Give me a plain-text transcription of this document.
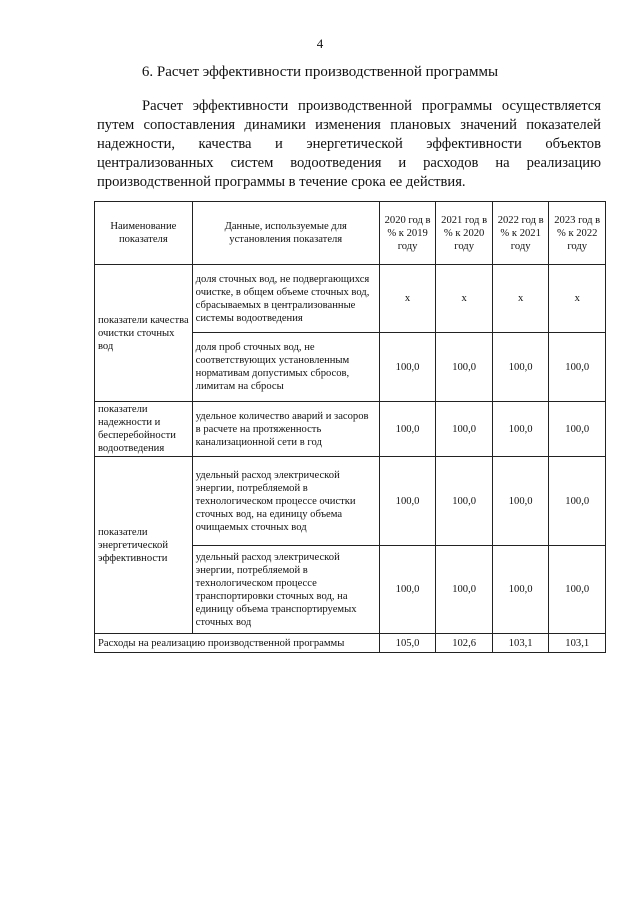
4
6. Расчет эффективности производственной программы

Расчет эффективности производственной программы осуществляется
путем сопоставления динамики изменения плановых значений показателей
надежности,      качества      и      энергетической      эффективности      объектов
централизованных систем водоотведения и расходов на реализацию
производственной программы в течение срока ее действия.

Наименование показателя	Данные, используемые для установления показателя	2020 год в % к 2019 году	2021 год в % к 2020 году	2022 год в % к 2021 году	2023 год в % к 2022 году
показатели качества очистки сточных вод	доля сточных вод, не подвергающихся очистке, в общем объеме сточных вод, сбрасываемых в централизованные системы водоотведения	x	x	x	x
	доля проб сточных вод, не соответствующих установленным нормативам допустимых сбросов, лимитам на сбросы	100,0	100,0	100,0	100,0
показатели надежности и бесперебойности водоотведения	удельное количество аварий и засоров в расчете на протяженность канализационной сети в год	100,0	100,0	100,0	100,0
показатели энергетической эффективности	удельный расход электрической энергии, потребляемой в технологическом процессе очистки сточных вод, на единицу объема очищаемых сточных вод	100,0	100,0	100,0	100,0
	удельный расход электрической энергии, потребляемой в технологическом процессе транспортировки сточных вод, на единицу объема транспортируемых сточных вод	100,0	100,0	100,0	100,0
Расходы на реализацию производственной программы		105,0	102,6	103,1	103,1
